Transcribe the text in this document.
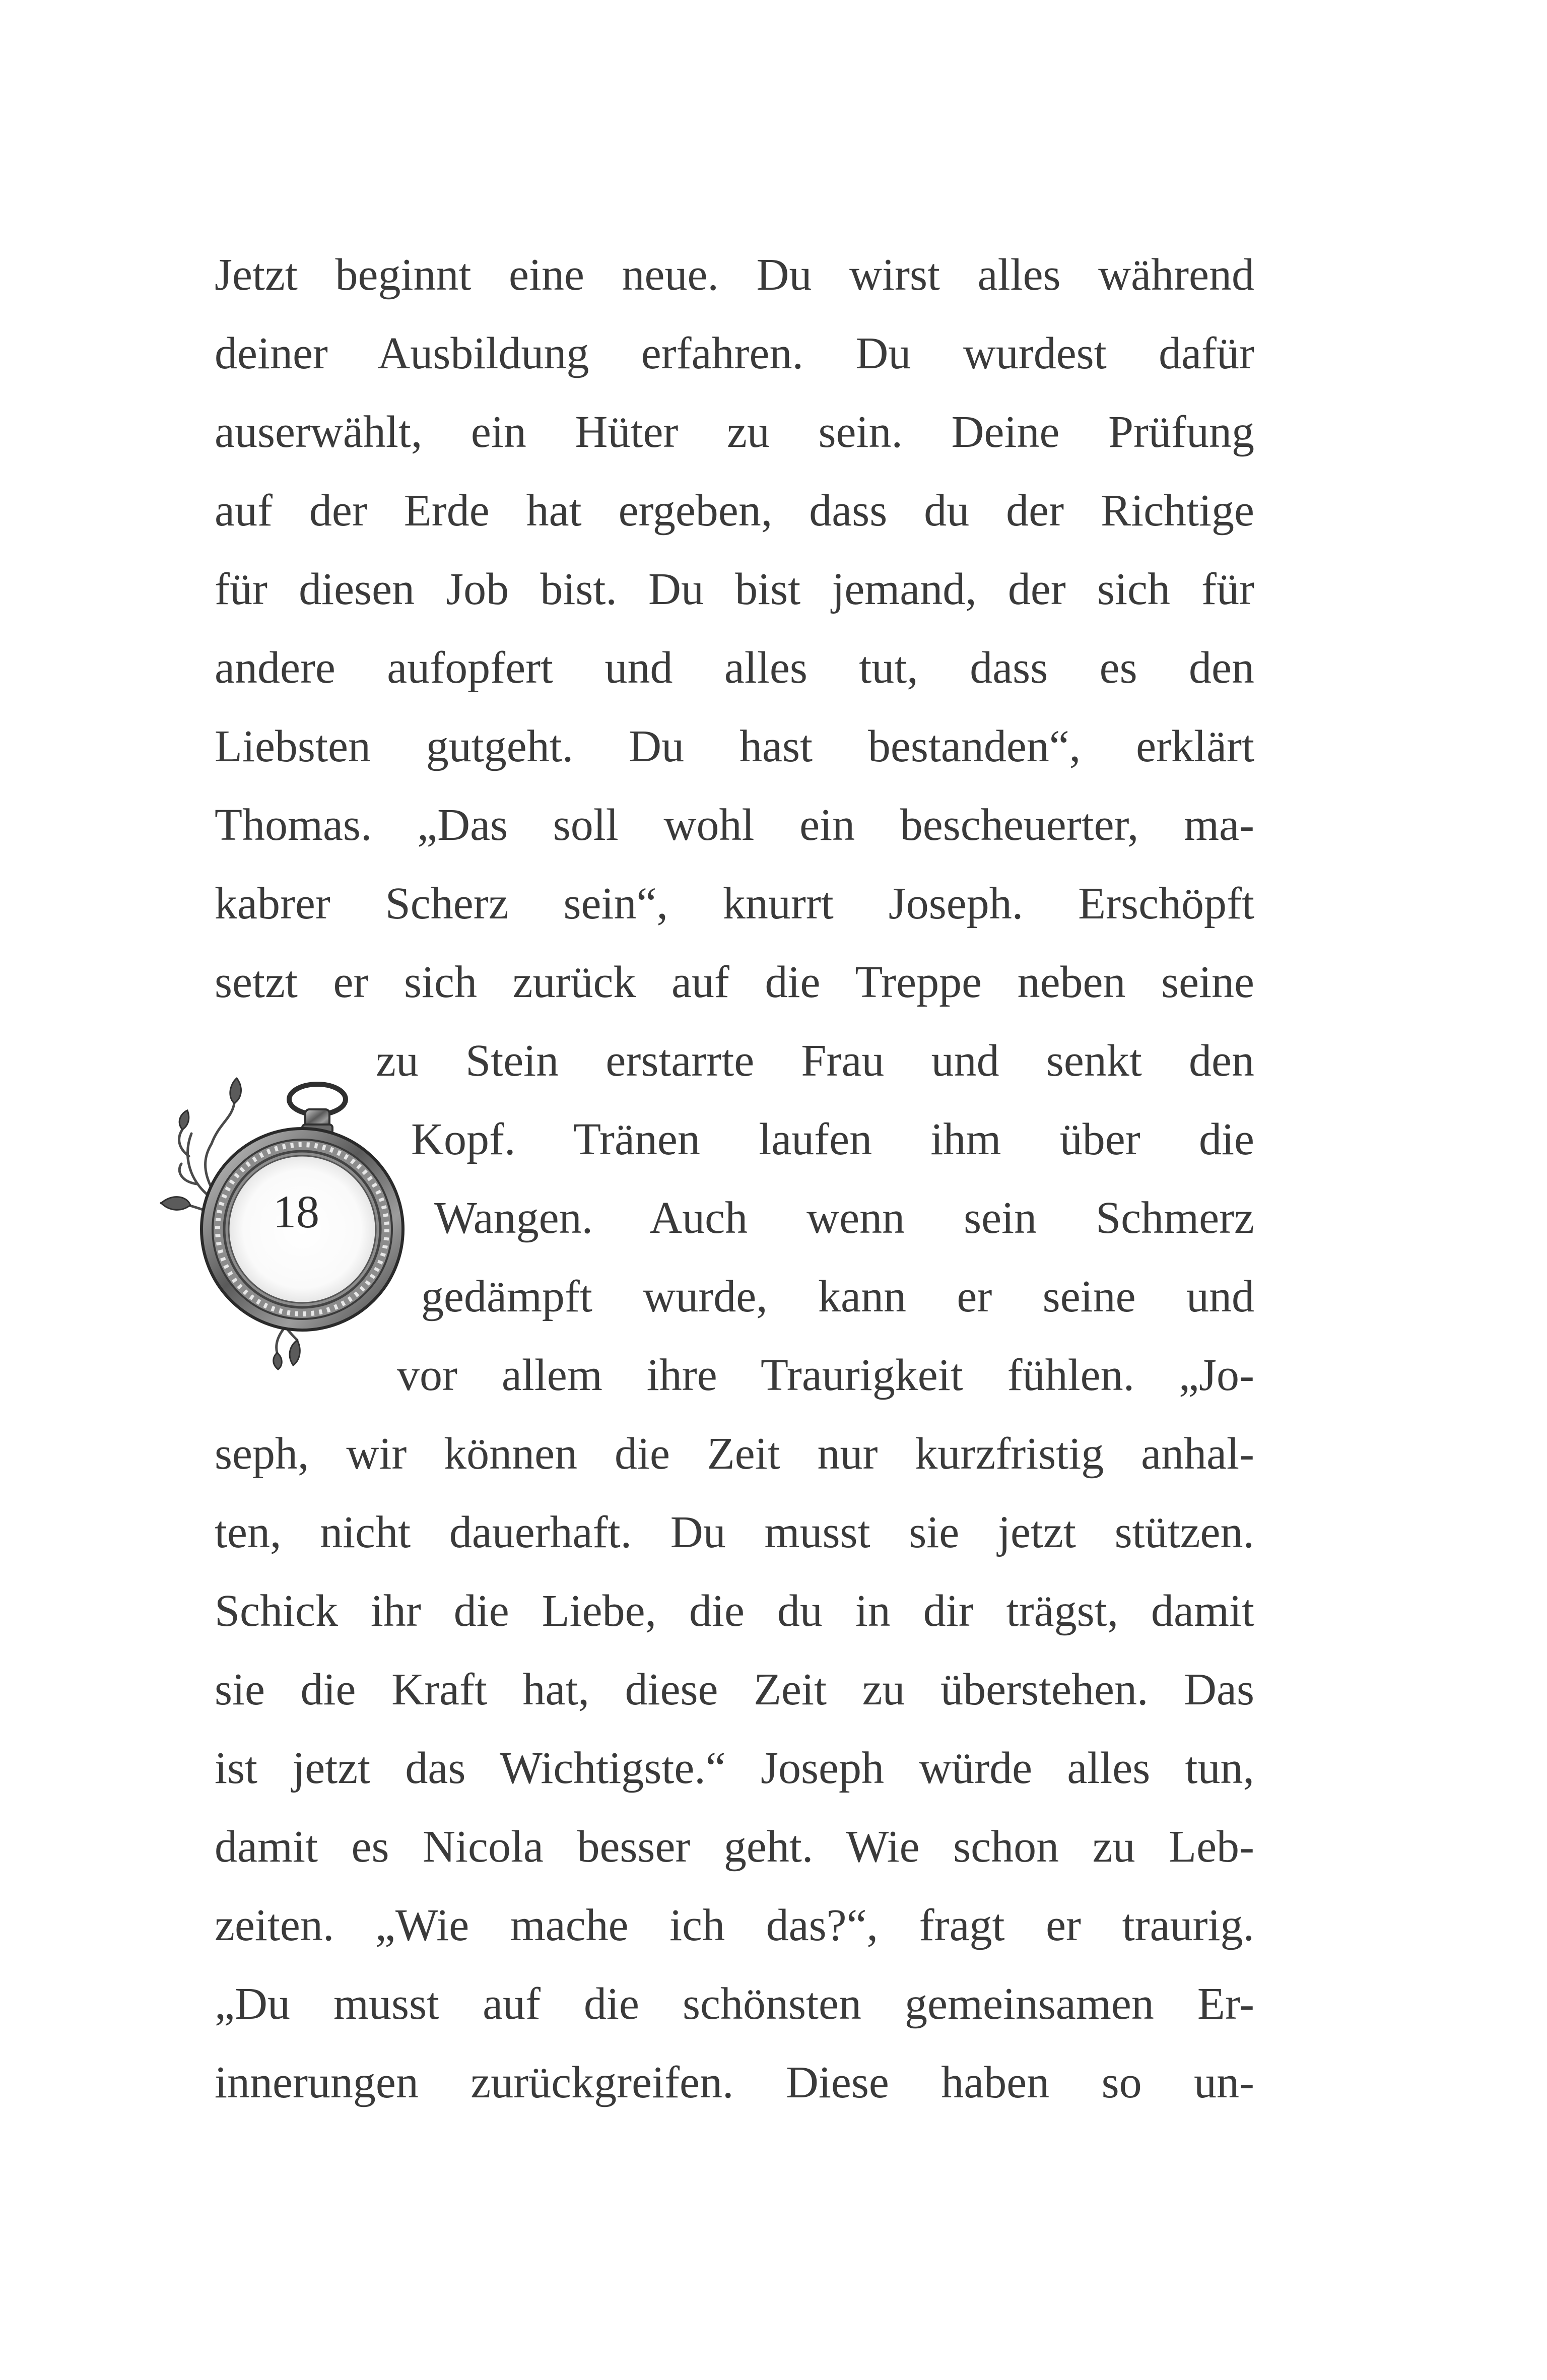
Jetzt beginnt eine neue. Du wirst alles während
deiner Ausbildung erfahren. Du wurdest dafür
auserwählt, ein Hüter zu sein. Deine Prüfung
auf der Erde hat ergeben, dass du der Richtige
für diesen Job bist. Du bist jemand, der sich für
andere aufopfert und alles tut, dass es den
Liebsten gutgeht. Du hast bestanden“, erklärt
Thomas. „Das soll wohl ein bescheuerter, ma-
kabrer Scherz sein“, knurrt Joseph. Erschöpft
setzt er sich zurück auf die Treppe neben seine
zu Stein erstarrte Frau und senkt den
Kopf. Tränen laufen ihm über die
Wangen. Auch wenn sein Schmerz
gedämpft wurde, kann er seine und
vor allem ihre Traurigkeit fühlen. „Jo-
seph, wir können die Zeit nur kurzfristig anhal-
ten, nicht dauerhaft. Du musst sie jetzt stützen.
Schick ihr die Liebe, die du in dir trägst, damit
sie die Kraft hat, diese Zeit zu überstehen. Das
ist jetzt das Wichtigste.“ Joseph würde alles tun,
damit es Nicola besser geht. Wie schon zu Leb-
zeiten. „Wie mache ich das?“, fragt er traurig.
„Du musst auf die schönsten gemeinsamen Er-
innerungen zurückgreifen. Diese haben so un-
18
